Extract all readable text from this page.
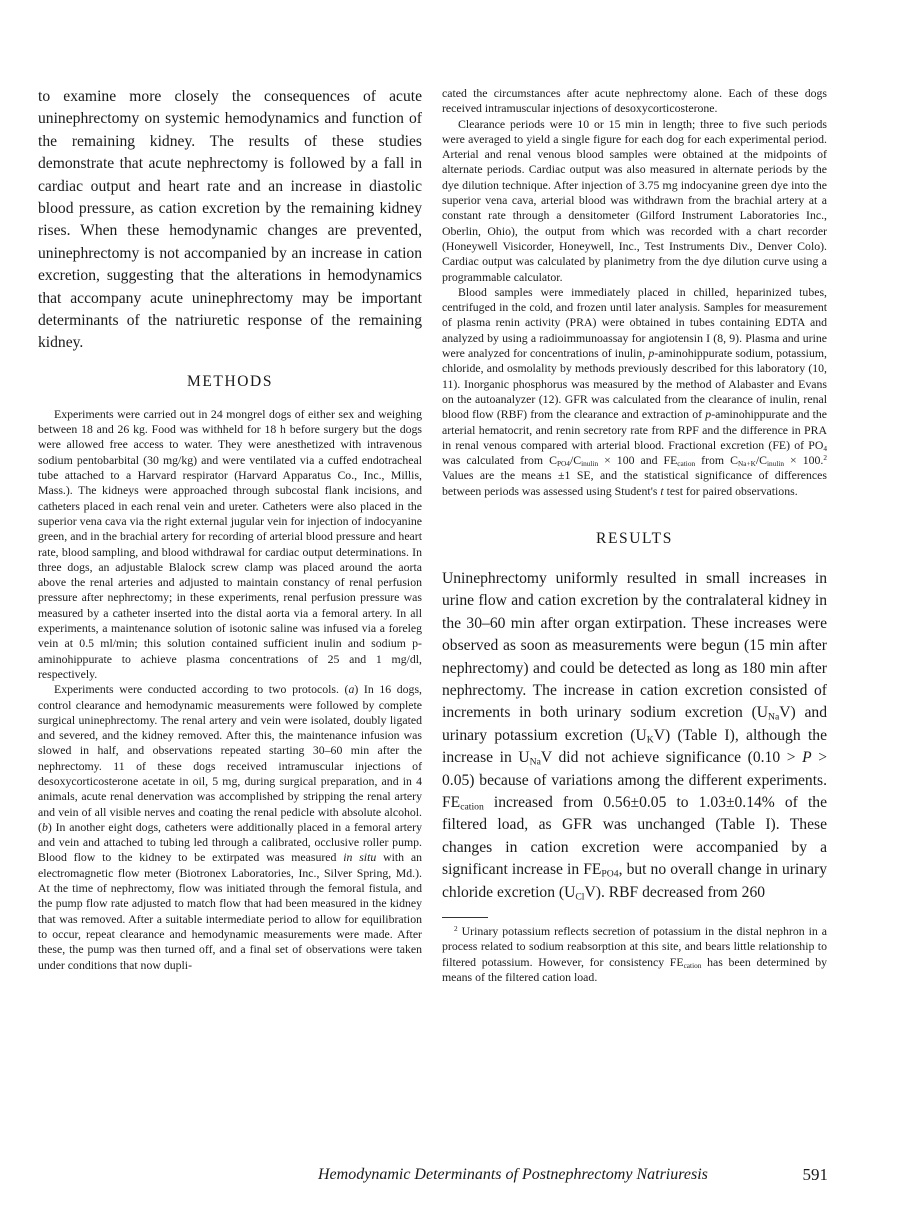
to examine more closely the consequences of acute uninephrectomy on systemic hemodynamics and function of the remaining kidney. The results of these studies demonstrate that acute nephrectomy is followed by a fall in cardiac output and heart rate and an increase in diastolic blood pressure, as cation excretion by the remaining kidney rises. When these hemodynamic changes are prevented, uninephrectomy is not accompanied by an increase in cation excretion, suggesting that the alterations in hemodynamics that accompany acute uninephrectomy may be important determinants of the natriuretic response of the remaining kidney.

METHODS

Experiments were carried out in 24 mongrel dogs of either sex and weighing between 18 and 26 kg. Food was withheld for 18 h before surgery but the dogs were allowed free access to water. They were anesthetized with intravenous sodium pentobarbital (30 mg/kg) and were ventilated via a cuffed endotracheal tube attached to a Harvard respirator (Harvard Apparatus Co., Inc., Millis, Mass.). The kidneys were approached through subcostal flank incisions, and catheters placed in each renal vein and ureter. Catheters were also placed in the superior vena cava via the right external jugular vein for injection of indocyanine green, and in the brachial artery for recording of arterial blood pressure and heart rate, blood sampling, and blood withdrawal for cardiac output determinations. In three dogs, an adjustable Blalock screw clamp was placed around the aorta above the renal arteries and adjusted to maintain constancy of renal perfusion pressure after nephrectomy; in these experiments, renal perfusion pressure was measured by a catheter inserted into the distal aorta via a femoral artery. In all experiments, a maintenance solution of isotonic saline was infused via a foreleg vein at 0.5 ml/min; this solution contained sufficient inulin and sodium p-aminohippurate to achieve plasma concentrations of 25 and 1 mg/dl, respectively.

Experiments were conducted according to two protocols. (a) In 16 dogs, control clearance and hemodynamic measurements were followed by complete surgical uninephrectomy. The renal artery and vein were isolated, doubly ligated and severed, and the kidney removed. After this, the maintenance infusion was slowed in half, and observations repeated starting 30–60 min after the nephrectomy. 11 of these dogs received intramuscular injections of desoxycorticosterone acetate in oil, 5 mg, during surgical preparation, and in 4 animals, acute renal denervation was accomplished by stripping the renal artery and vein of all visible nerves and coating the renal pedicle with absolute alcohol. (b) In another eight dogs, catheters were additionally placed in a femoral artery and vein and attached to tubing led through a calibrated, occlusive roller pump. Blood flow to the kidney to be extirpated was measured in situ with an electromagnetic flow meter (Biotronex Laboratories, Inc., Silver Spring, Md.). At the time of nephrectomy, flow was initiated through the femoral fistula, and the pump flow rate adjusted to match flow that had been measured in the kidney that was removed. After a suitable intermediate period to allow for equilibration to occur, repeat clearance and hemodynamic measurements were made. After these, the pump was then turned off, and a final set of observations were taken under conditions that now dupli-

cated the circumstances after acute nephrectomy alone. Each of these dogs received intramuscular injections of desoxycorticosterone.

Clearance periods were 10 or 15 min in length; three to five such periods were averaged to yield a single figure for each dog for each experimental period. Arterial and renal venous blood samples were obtained at the midpoints of alternate periods. Cardiac output was also measured in alternate periods by the dye dilution technique. After injection of 3.75 mg indocyanine green dye into the superior vena cava, arterial blood was withdrawn from the brachial artery at a constant rate through a densitometer (Gilford Instrument Laboratories Inc., Oberlin, Ohio), the output from which was recorded with a chart recorder (Honeywell Visicorder, Honeywell, Inc., Test Instruments Div., Denver Colo). Cardiac output was calculated by planimetry from the dye dilution curve using a programmable calculator.

Blood samples were immediately placed in chilled, heparinized tubes, centrifuged in the cold, and frozen until later analysis. Samples for measurement of plasma renin activity (PRA) were obtained in tubes containing EDTA and analyzed by using a radioimmunoassay for angiotensin I (8, 9). Plasma and urine were analyzed for concentrations of inulin, p-aminohippurate sodium, potassium, chloride, and osmolality by methods previously described for this laboratory (10, 11). Inorganic phosphorus was measured by the method of Alabaster and Evans on the autoanalyzer (12). GFR was calculated from the clearance of inulin, renal blood flow (RBF) from the clearance and extraction of p-aminohippurate and the arterial hematocrit, and renin secretory rate from RPF and the difference in PRA in renal venous compared with arterial blood. Fractional excretion (FE) of $PO_4$ was calculated from $C_{PO4}/C_{inulin} \times 100$ and $FE_{cation}$ from $C_{Na+K}/C_{inulin} \times 100.^2$ Values are the means ±1 SE, and the statistical significance of differences between periods was assessed using Student's t test for paired observations.

RESULTS

Uninephrectomy uniformly resulted in small increases in urine flow and cation excretion by the contralateral kidney in the 30–60 min after organ extirpation. These increases were observed as soon as measurements were begun (15 min after nephrectomy) and could be detected as long as 180 min after nephrectomy. The increase in cation excretion consisted of increments in both urinary sodium excretion $(U_{Na}V)$ and urinary potassium excretion $(U_KV)$ (Table I), although the increase in $U_{Na}V$ did not achieve significance (0.10 > P > 0.05) because of variations among the different experiments. $FE_{cation}$ increased from 0.56±0.05 to 1.03±0.14% of the filtered load, as GFR was unchanged (Table I). These changes in cation excretion were accompanied by a significant increase in $FE_{PO4}$, but no overall change in urinary chloride excretion $(U_{Cl}V)$. RBF decreased from 260

$^2$ Urinary potassium reflects secretion of potassium in the distal nephron in a process related to sodium reabsorption at this site, and bears little relationship to filtered potassium. However, for consistency $FE_{cation}$ has been determined by means of the filtered cation load.

Hemodynamic Determinants of Postnephrectomy Natriuresis	591
